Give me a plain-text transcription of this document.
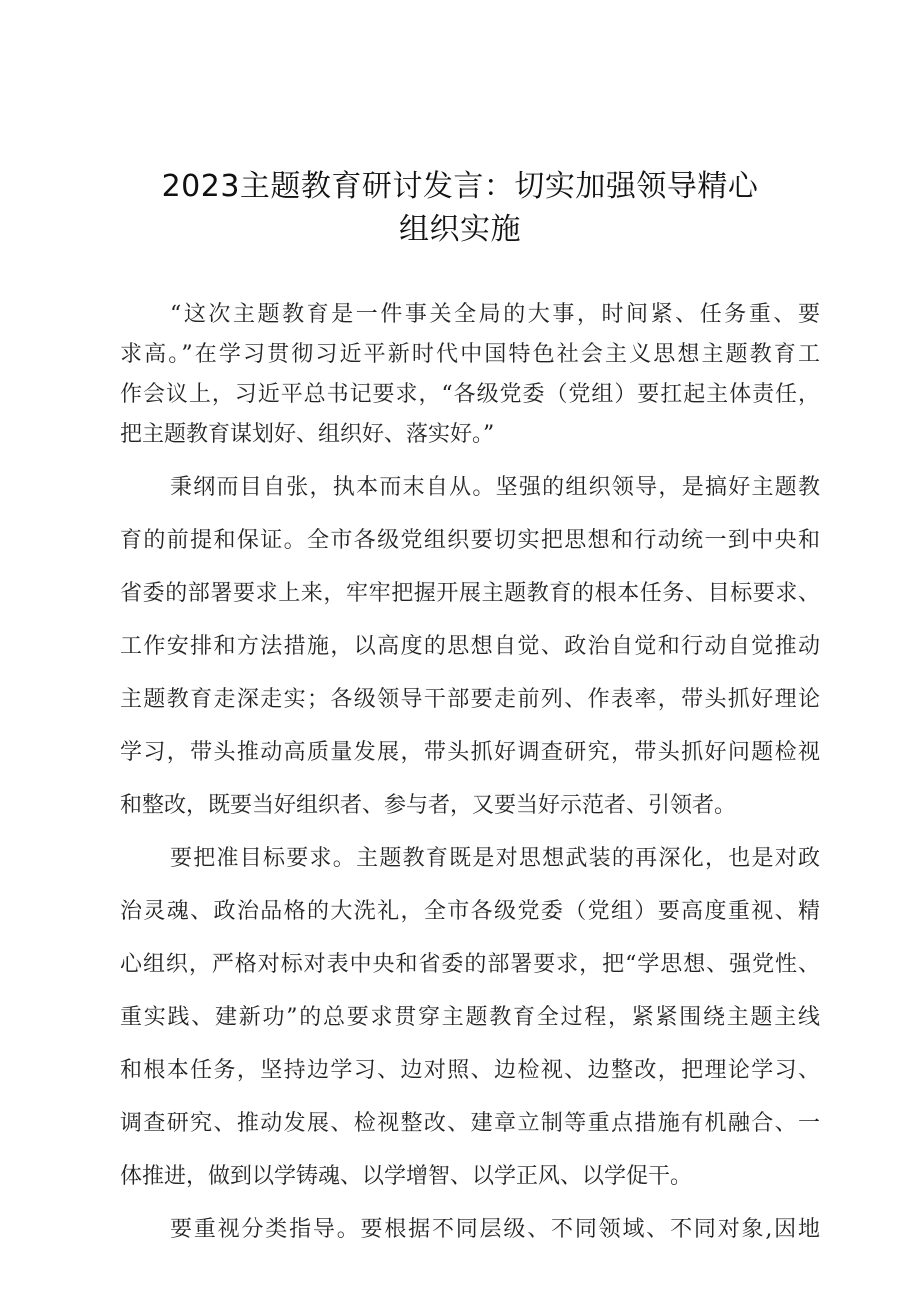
2023主题教育研讨发言：切实加强领导精心
组织实施
“这次主题教育是一件事关全局的大事，时间紧、任务重、要
求高。”在学习贯彻习近平新时代中国特色社会主义思想主题教育工
作会议上，习近平总书记要求，“各级党委（党组）要扛起主体责任，
把主题教育谋划好、组织好、落实好。”
秉纲而目自张，执本而末自从。坚强的组织领导，是搞好主题教
育的前提和保证。全市各级党组织要切实把思想和行动统一到中央和
省委的部署要求上来，牢牢把握开展主题教育的根本任务、目标要求、
工作安排和方法措施，以高度的思想自觉、政治自觉和行动自觉推动
主题教育走深走实；各级领导干部要走前列、作表率，带头抓好理论
学习，带头推动高质量发展，带头抓好调查研究，带头抓好问题检视
和整改，既要当好组织者、参与者，又要当好示范者、引领者。
要把准目标要求。主题教育既是对思想武装的再深化，也是对政
治灵魂、政治品格的大洗礼，全市各级党委（党组）要高度重视、精
心组织，严格对标对表中央和省委的部署要求，把“学思想、强党性、
重实践、建新功”的总要求贯穿主题教育全过程，紧紧围绕主题主线
和根本任务，坚持边学习、边对照、边检视、边整改，把理论学习、
调查研究、推动发展、检视整改、建章立制等重点措施有机融合、一
体推进，做到以学铸魂、以学增智、以学正风、以学促干。
要重视分类指导。要根据不同层级、不同领域、不同对象,因地
